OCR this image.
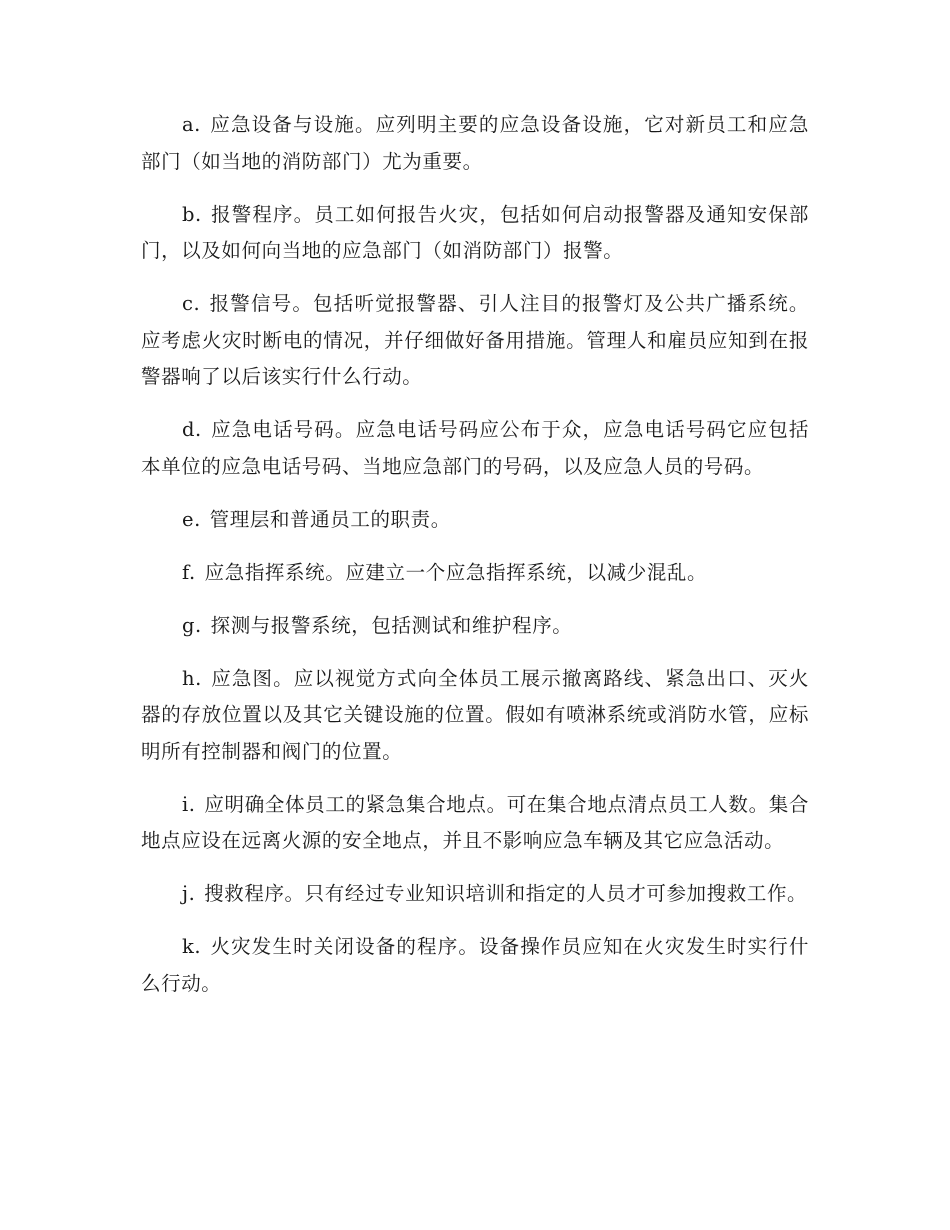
a. 应急设备与设施。应列明主要的应急设备设施，它对新员工和应急部门（如当地的消防部门）尤为重要。

b. 报警程序。员工如何报告火灾，包括如何启动报警器及通知安保部门，以及如何向当地的应急部门（如消防部门）报警。

c. 报警信号。包括听觉报警器、引人注目的报警灯及公共广播系统。应考虑火灾时断电的情况，并仔细做好备用措施。管理人和雇员应知到在报警器响了以后该实行什么行动。

d. 应急电话号码。应急电话号码应公布于众，应急电话号码它应包括本单位的应急电话号码、当地应急部门的号码，以及应急人员的号码。

e. 管理层和普通员工的职责。

f. 应急指挥系统。应建立一个应急指挥系统，以减少混乱。

g. 探测与报警系统，包括测试和维护程序。

h. 应急图。应以视觉方式向全体员工展示撤离路线、紧急出口、灭火器的存放位置以及其它关键设施的位置。假如有喷淋系统或消防水管，应标明所有控制器和阀门的位置。

i. 应明确全体员工的紧急集合地点。可在集合地点清点员工人数。集合地点应设在远离火源的安全地点，并且不影响应急车辆及其它应急活动。

j. 搜救程序。只有经过专业知识培训和指定的人员才可参加搜救工作。

k. 火灾发生时关闭设备的程序。设备操作员应知在火灾发生时实行什么行动。
